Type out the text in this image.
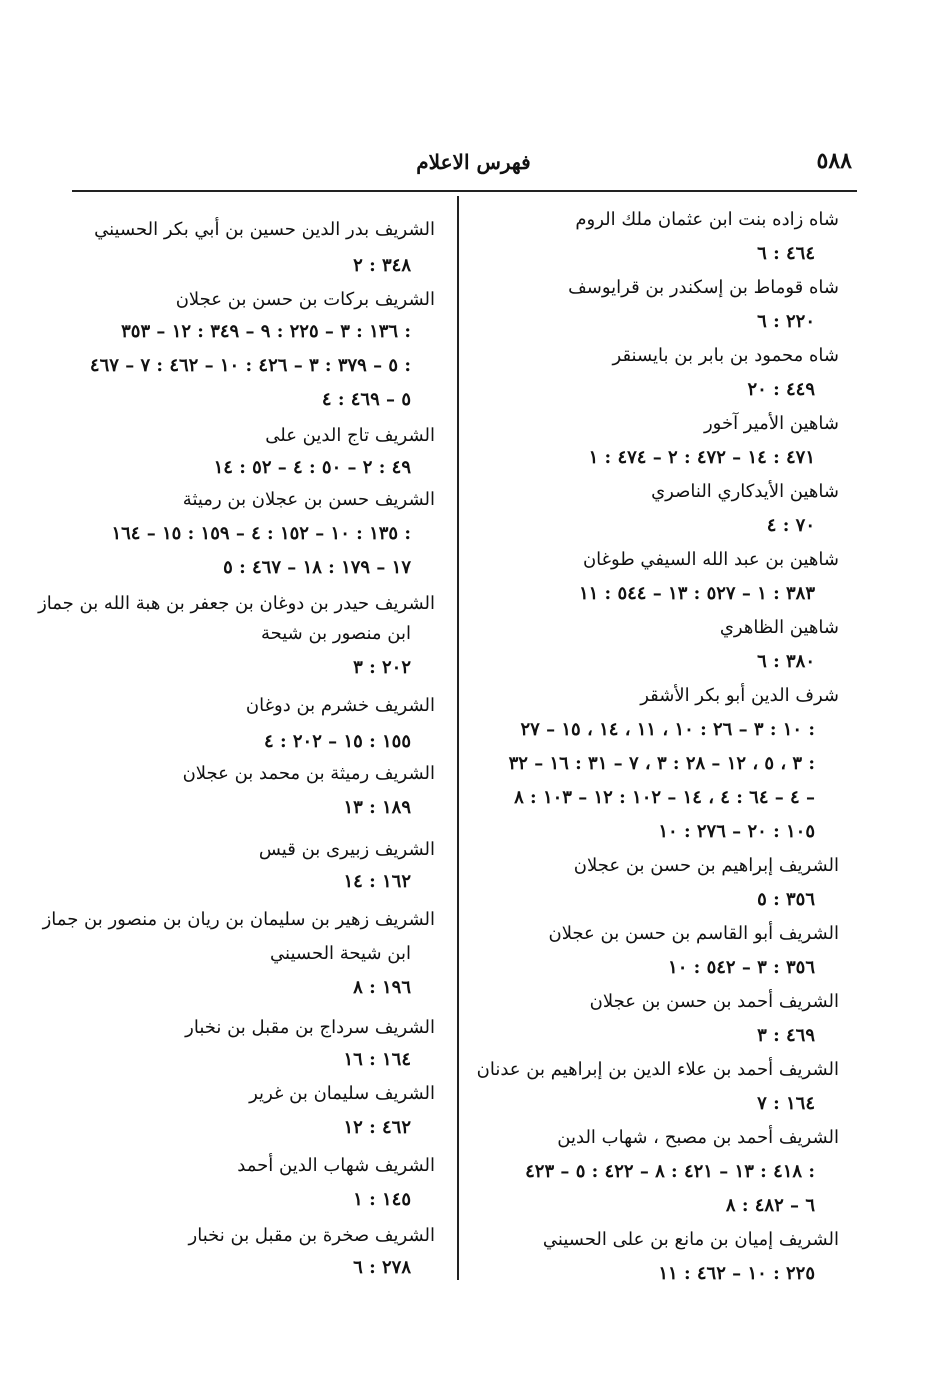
٥٨٨
فهرس الاعلام
شاه زاده بنت ابن عثمان ملك الروم
٤٦٤ : ٦
شاه قوماط بن إسكندر بن قرايوسف
٢٢٠ : ٦
شاه محمود بن بابر بن بايسنقر
٤٤٩ : ٢٠
شاهين الأمير آخور
٤٧١ : ١٤ – ٤٧٢ : ٢ – ٤٧٤ : ١
شاهين الأيدكاري الناصري
٧٠ : ٤
شاهين بن عبد الله السيفي طوغان
٣٨٣ : ١ – ٥٢٧ : ١٣ – ٥٤٤ : ١١
شاهين الظاهري
٣٨٠ : ٦
شرف الدين أبو بكر الأشقر
١٠ : ٣ – ٢٦ : ١٠ ، ١١ ، ١٤ ، ١٥ – ٢٧ :
٣ ، ٥ ، ١٢ – ٢٨ : ٣ ، ٧ – ٣١ : ١٦ – ٣٢ :
٤ – ٦٤ : ٤ ، ١٤ – ١٠٢ : ١٢ – ١٠٣ : ٨ –
١٠٥ : ٢٠ – ٢٧٦ : ١٠
الشريف إبراهيم بن حسن بن عجلان
٣٥٦ : ٥
الشريف أبو القاسم بن حسن بن عجلان
٣٥٦ : ٣ – ٥٤٢ : ١٠
الشريف أحمد بن حسن بن عجلان
٤٦٩ : ٣
الشريف أحمد بن علاء الدين بن إبراهيم بن عدنان
١٦٤ : ٧
الشريف أحمد بن مصبح ، شهاب الدين
٤١٨ : ١٣ – ٤٢١ : ٨ – ٤٢٢ : ٥ – ٤٢٣ :
٦ – ٤٨٢ : ٨
الشريف إميان بن مانع بن على الحسيني
٢٢٥ : ١٠ – ٤٦٢ : ١١
الشريف بدر الدين حسين بن أبي بكر الحسيني
٣٤٨ : ٢
الشريف بركات بن حسن بن عجلان
١٣٦ : ٣ – ٢٢٥ : ٩ – ٣٤٩ : ١٢ – ٣٥٣ :
٥ – ٣٧٩ : ٣ – ٤٢٦ : ١٠ – ٤٦٢ : ٧ – ٤٦٧ :
٥ – ٤٦٩ : ٤
الشريف تاج الدين على
٤٩ : ٢ – ٥٠ : ٤ – ٥٢ : ١٤
الشريف حسن بن عجلان بن رميثة
١٣٥ : ١٠ – ١٥٢ : ٤ – ١٥٩ : ١٥ – ١٦٤ :
١٧ – ١٧٩ : ١٨ – ٤٦٧ : ٥
الشريف حيدر بن دوغان بن جعفر بن هبة الله بن جماز
ابن منصور بن شيحة
٢٠٢ : ٣
الشريف خشرم بن دوغان
١٥٥ : ١٥ – ٢٠٢ : ٤
الشريف رميثة بن محمد بن عجلان
١٨٩ : ١٣
الشريف زبيرى بن قيس
١٦٢ : ١٤
الشريف زهير بن سليمان بن ريان بن منصور بن جماز
ابن شيحة الحسيني
١٩٦ : ٨
الشريف سرداج بن مقبل بن نخبار
١٦٤ : ١٦
الشريف سليمان بن غرير
٤٦٢ : ١٢
الشريف شهاب الدين أحمد
١٤٥ : ١
الشريف صخرة بن مقبل بن نخبار
٢٧٨ : ٦
